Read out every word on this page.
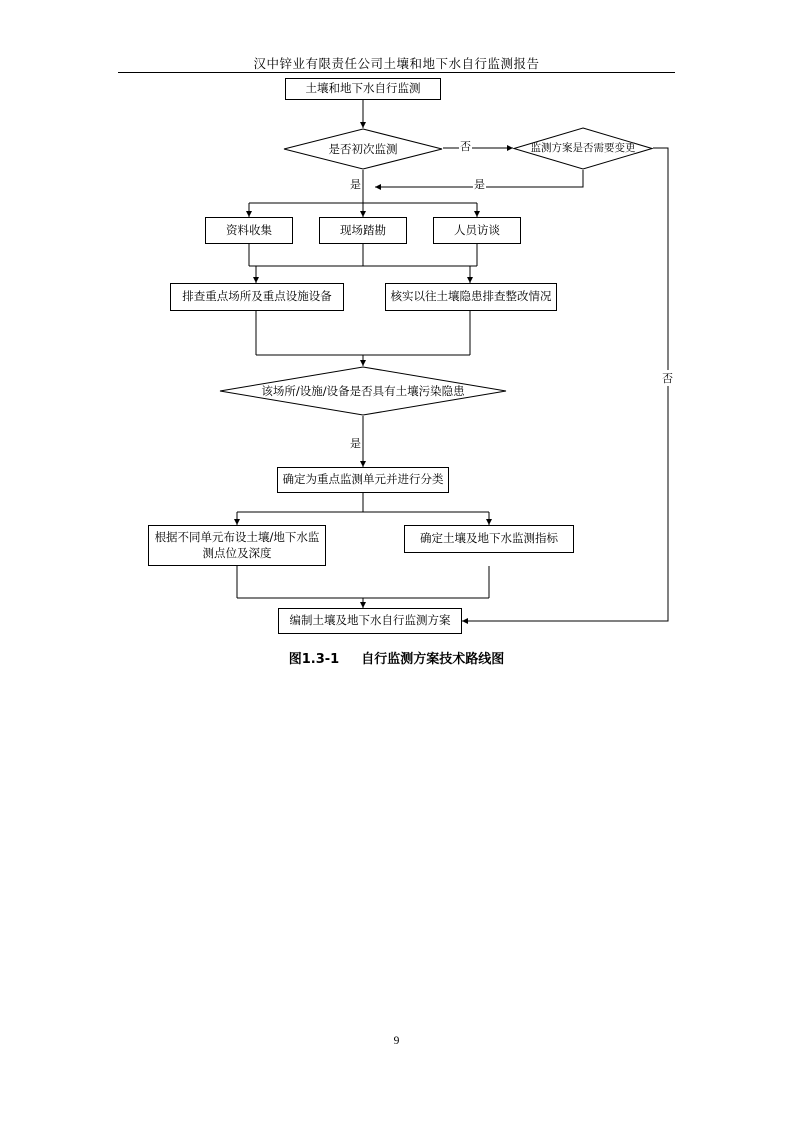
汉中锌业有限责任公司土壤和地下水自行监测报告
土壤和地下水自行监测
是否初次监测	监测方案是否需要变更
否
是	是
否
是
资料收集	现场踏勘	人员访谈
排查重点场所及重点设施设备	核实以往土壤隐患排查整改情况
该场所/设施/设备是否具有土壤污染隐患
确定为重点监测单元并进行分类
根据不同单元布设土壤/地下水监测点位及深度
确定土壤及地下水监测指标
编制土壤及地下水自行监测方案
图1.3-1 自行监测方案技术路线图
9
